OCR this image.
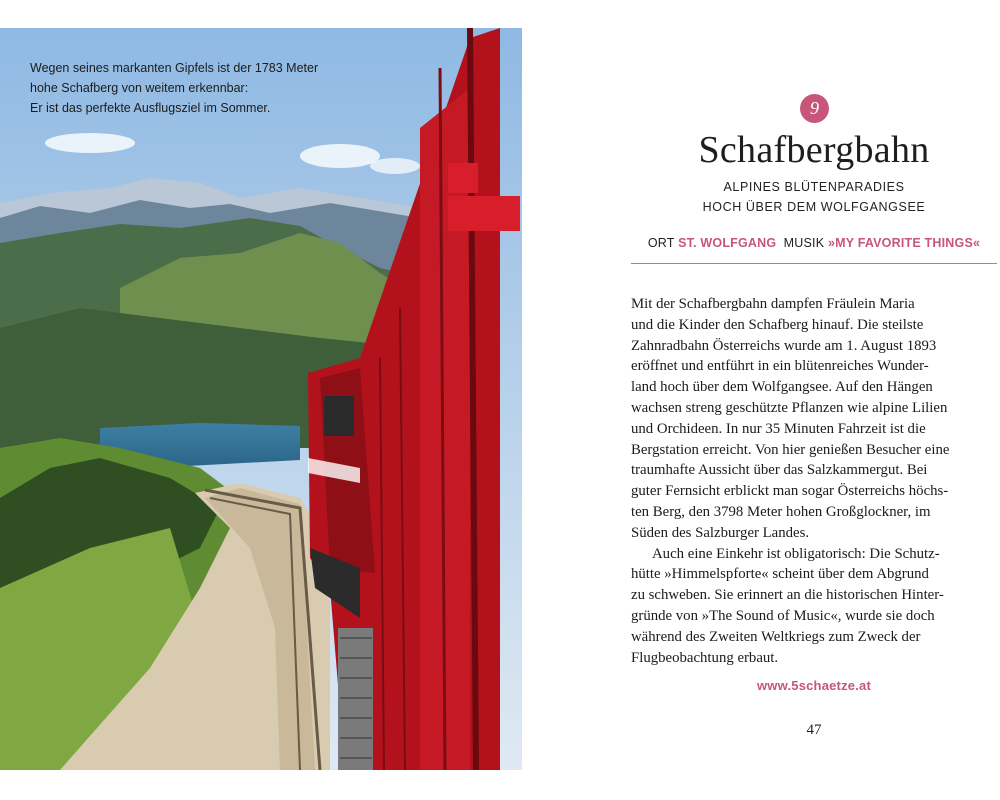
Wegen seines markanten Gipfels ist der 1783 Meter
hohe Schafberg von weitem erkennbar:
Er ist das perfekte Ausflugsziel im Sommer.	9
Schafbergbahn
ALPINES BLÜTENPARADIES
HOCH ÜBER DEM WOLFGANGSEE
ORT ST. WOLFGANG MUSIK »MY FAVORITE THINGS«
Mit der Schafbergbahn dampfen Fräulein Maria
und die Kinder den Schafberg hinauf. Die steilste
Zahnradbahn Österreichs wurde am 1. August 1893
eröffnet und entführt in ein blütenreiches Wunder-
land hoch über dem Wolfgangsee. Auf den Hängen
wachsen streng geschützte Pflanzen wie alpine Lilien
und Orchideen. In nur 35 Minuten Fahrzeit ist die
Bergstation erreicht. Von hier genießen Besucher eine
traumhafte Aussicht über das Salzkammergut. Bei
guter Fernsicht erblickt man sogar Österreichs höchs-
ten Berg, den 3798 Meter hohen Großglockner, im
Süden des Salzburger Landes.
Auch eine Einkehr ist obligatorisch: Die Schutz-
hütte »Himmelspforte« scheint über dem Abgrund
zu schweben. Sie erinnert an die historischen Hinter-
gründe von »The Sound of Music«, wurde sie doch
während des Zweiten Weltkriegs zum Zweck der
Flugbeobachtung erbaut.
www.5schaetze.at
47
